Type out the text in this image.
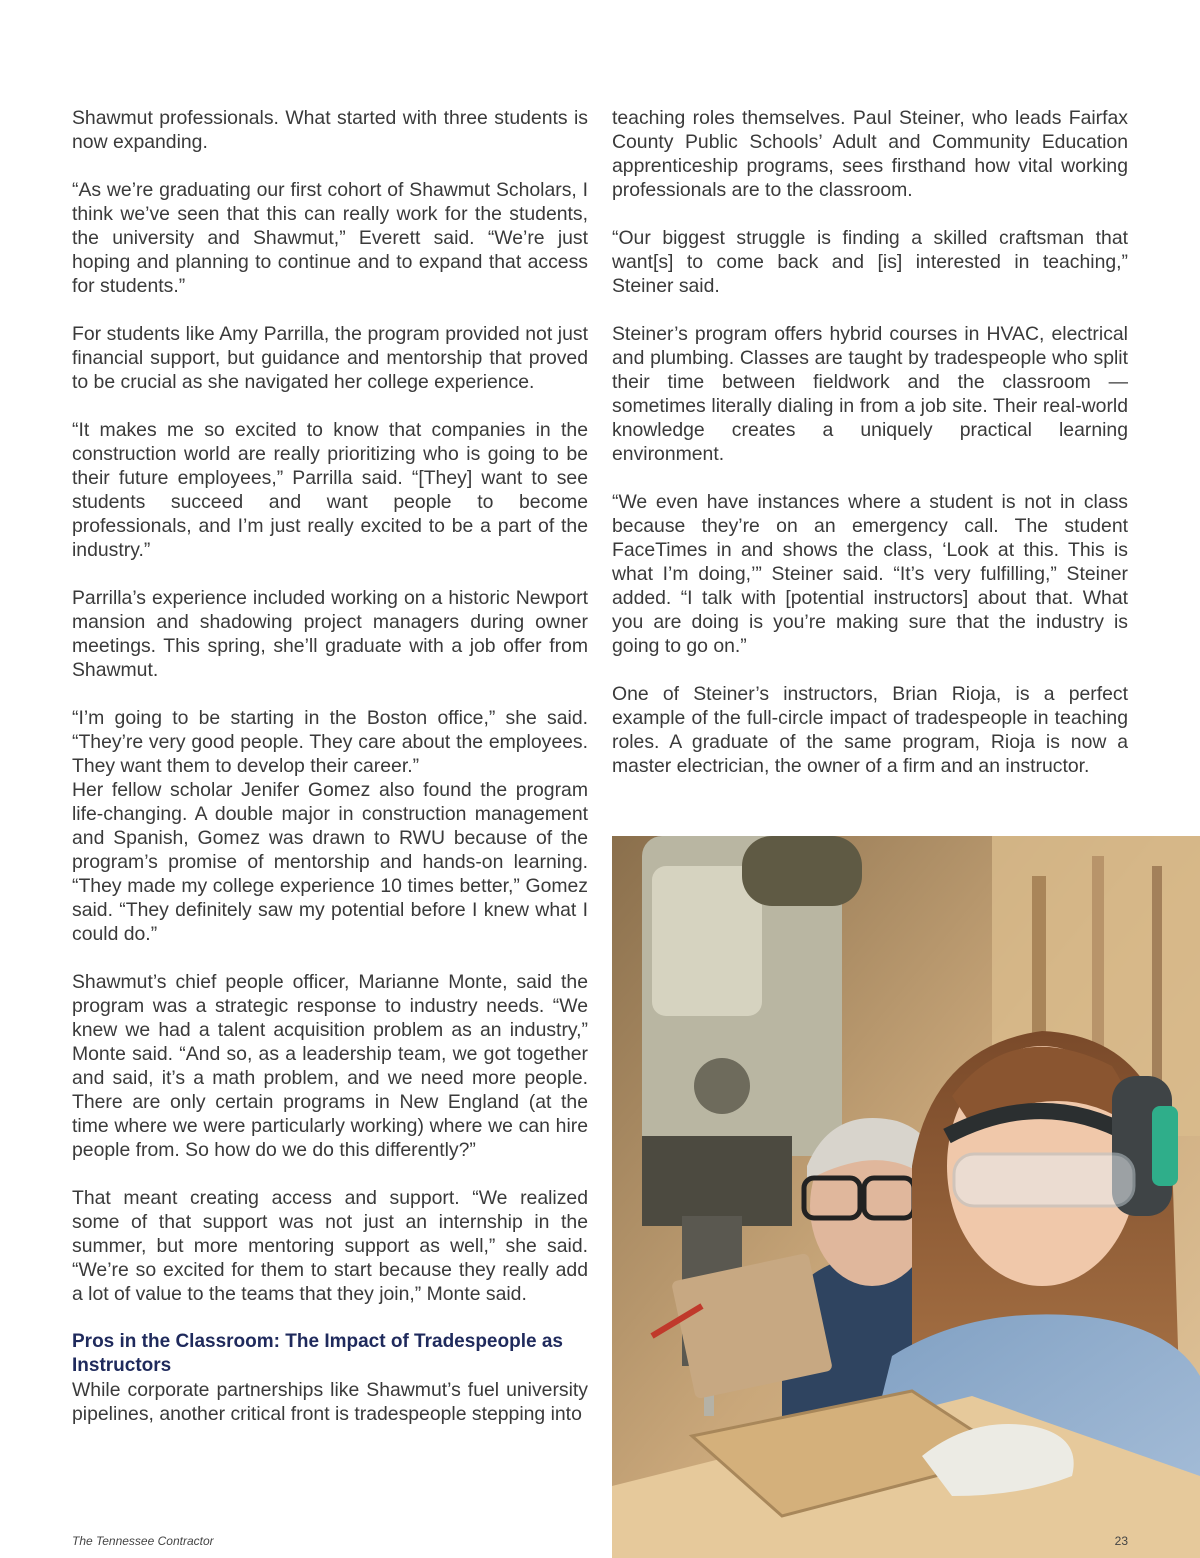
Shawmut professionals. What started with three students is now expanding.

“As we’re graduating our first cohort of Shawmut Scholars, I think we’ve seen that this can really work for the students, the university and Shawmut,” Everett said. “We’re just hoping and planning to continue and to expand that access for students.”

For students like Amy Parrilla, the program provided not just financial support, but guidance and mentorship that proved to be crucial as she navigated her college experience.

“It makes me so excited to know that companies in the construction world are really prioritizing who is going to be their future employees,” Parrilla said. “[They] want to see students succeed and want people to become professionals, and I’m just really excited to be a part of the industry.”

Parrilla’s experience included working on a historic Newport mansion and shadowing project managers during owner meetings. This spring, she’ll graduate with a job offer from Shawmut.

“I’m going to be starting in the Boston office,” she said. “They’re very good people. They care about the employees. They want them to develop their career.”

Her fellow scholar Jenifer Gomez also found the program life-changing. A double major in construction management and Spanish, Gomez was drawn to RWU because of the program’s promise of mentorship and hands-on learning. “They made my college experience 10 times better,” Gomez said. “They definitely saw my potential before I knew what I could do.”

Shawmut’s chief people officer, Marianne Monte, said the program was a strategic response to industry needs. “We knew we had a talent acquisition problem as an industry,” Monte said. “And so, as a leadership team, we got together and said, it’s a math problem, and we need more people. There are only certain programs in New England (at the time where we were particularly working) where we can hire people from. So how do we do this differently?”

That meant creating access and support. “We realized some of that support was not just an internship in the summer, but more mentoring support as well,” she said. “We’re so excited for them to start because they really add a lot of value to the teams that they join,” Monte said.

Pros in the Classroom: The Impact of Tradespeople as Instructors

While corporate partnerships like Shawmut’s fuel university pipelines, another critical front is tradespeople stepping into

teaching roles themselves. Paul Steiner, who leads Fairfax County Public Schools’ Adult and Community Education apprenticeship programs, sees firsthand how vital working professionals are to the classroom.

“Our biggest struggle is finding a skilled craftsman that want[s] to come back and [is] interested in teaching,” Steiner said.

Steiner’s program offers hybrid courses in HVAC, electrical and plumbing. Classes are taught by tradespeople who split their time between fieldwork and the classroom — sometimes literally dialing in from a job site. Their real-world knowledge creates a uniquely practical learning environment.

“We even have instances where a student is not in class because they’re on an emergency call. The student FaceTimes in and shows the class, ‘Look at this. This is what I’m doing,’” Steiner said. “It’s very fulfilling,” Steiner added. “I talk with [potential instructors] about that. What you are doing is you’re making sure that the industry is going to go on.”

One of Steiner’s instructors, Brian Rioja, is a perfect example of the full-circle impact of tradespeople in teaching roles. A graduate of the same program, Rioja is now a master electrician, the owner of a firm and an instructor.

The Tennessee Contractor	23
